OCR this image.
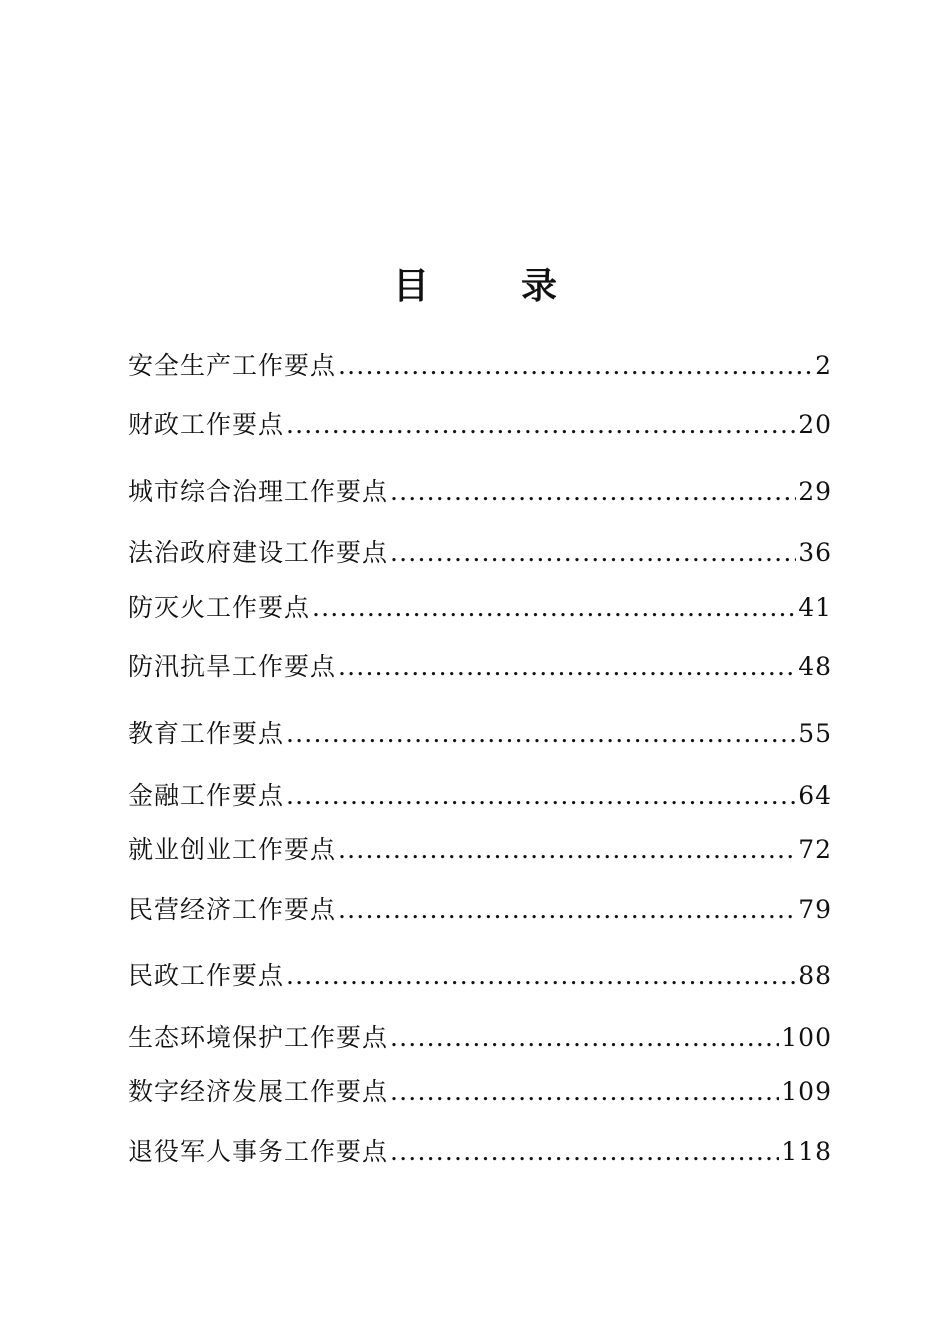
目　录
安全生产工作要点 .....	2
财政工作要点 .....	20
城市综合治理工作要点 .....	29
法治政府建设工作要点 .....	36
防灭火工作要点 .....	41
防汛抗旱工作要点 .....	48
教育工作要点 .....	55
金融工作要点 .....	64
就业创业工作要点 .....	72
民营经济工作要点 .....	79
民政工作要点 .....	88
生态环境保护工作要点 .....	100
数字经济发展工作要点 .....	109
退役军人事务工作要点 .....	118
